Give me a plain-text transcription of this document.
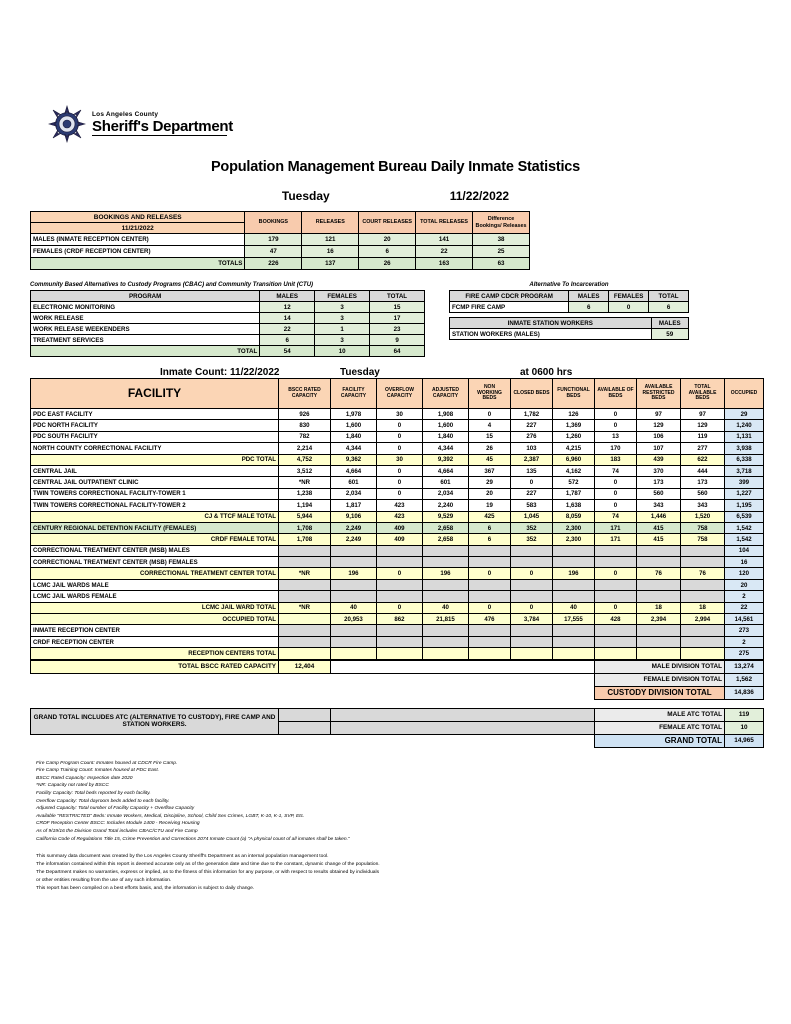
Los Angeles County
Sheriff's Department
Population Management Bureau Daily Inmate Statistics
Tuesday	11/22/2022
BOOKINGS AND RELEASES	BOOKINGS	RELEASES	COURT RELEASES	TOTAL RELEASES	Difference Bookings/ Releases
11/21/2022					
MALES (INMATE RECEPTION CENTER)	179	121	20	141	38
FEMALES (CRDF RECEPTION CENTER)	47	16	6	22	25
TOTALS	226	137	26	163	63
Community Based Alternatives to Custody Programs (CBAC) and Community Transition Unit (CTU)
PROGRAM	MALES	FEMALES	TOTAL
ELECTRONIC MONITORING	12	3	15
WORK RELEASE	14	3	17
WORK RELEASE WEEKENDERS	22	1	23
TREATMENT SERVICES	6	3	9
TOTAL	54	10	64
Alternative To Incarceration
FIRE CAMP CDCR PROGRAM	MALES	FEMALES	TOTAL
FCMP FIRE CAMP	6	0	6
INMATE STATION WORKERS	MALES
STATION WORKERS (MALES)	59
Inmate Count: 11/22/2022	Tuesday	at 0600 hrs
FACILITY	BSCC RATED CAPACITY	FACILITY CAPACITY	OVERFLOW CAPACITY	ADJUSTED CAPACITY	NON WORKING BEDS	CLOSED BEDS	FUNCTIONAL BEDS	AVAILABLE OF BEDS	AVAILABLE RESTRICTED BEDS	TOTAL AVAILABLE BEDS	OCCUPIED
PDC EAST FACILITY	926	1,978	30	1,908	0	1,782	126	0	97	97	29
PDC NORTH FACILITY	830	1,600	0	1,600	4	227	1,369	0	129	129	1,240
PDC SOUTH FACILITY	782	1,840	0	1,840	15	276	1,260	13	106	119	1,131
NORTH COUNTY CORRECTIONAL FACILITY	2,214	4,344	0	4,344	26	103	4,215	170	107	277	3,938
PDC TOTAL	4,752	9,362	30	9,392	45	2,387	6,960	183	439	622	6,338
CENTRAL JAIL	3,512	4,664	0	4,664	367	135	4,162	74	370	444	3,718
CENTRAL JAIL OUTPATIENT CLINIC	*NR	601	0	601	29	0	572	0	173	173	399
TWIN TOWERS CORRECTIONAL FACILITY-TOWER 1	1,238	2,034	0	2,034	20	227	1,787	0	560	560	1,227
TWIN TOWERS CORRECTIONAL FACILITY-TOWER 2	1,194	1,817	423	2,240	19	583	1,638	0	343	343	1,195
CJ & TTCF MALE TOTAL	5,944	9,106	423	9,529	425	1,045	8,059	74	1,446	1,520	6,539
CENTURY REGIONAL DETENTION FACILITY (FEMALES)	1,708	2,249	409	2,658	6	352	2,300	171	415	758	1,542
CRDF FEMALE TOTAL	1,708	2,249	409	2,658	6	352	2,300	171	415	758	1,542
CORRECTIONAL TREATMENT CENTER (MSB) MALES											104
CORRECTIONAL TREATMENT CENTER (MSB) FEMALES											16
CORRECTIONAL TREATMENT CENTER TOTAL	*NR	196	0	196	0	0	196	0	76	76	120
LCMC JAIL WARDS MALE											20
LCMC JAIL WARDS FEMALE											2
LCMC JAIL WARD TOTAL	*NR	40	0	40	0	0	40	0	18	18	22
OCCUPIED TOTAL		20,953	862	21,815	476	3,784	17,555	428	2,394	2,994	14,561
INMATE RECEPTION CENTER											273
CRDF RECEPTION CENTER											2
RECEPTION CENTERS TOTAL											275
TOTAL BSCC RATED CAPACITY	12,404		MALE DIVISION TOTAL	13,274
			FEMALE DIVISION TOTAL	1,562
			CUSTODY DIVISION TOTAL	14,836
GRAND TOTAL INCLUDES ATC (ALTERNATIVE TO CUSTODY), FIRE CAMP AND STATION WORKERS.			MALE ATC TOTAL	119
			FEMALE ATC TOTAL	10
			GRAND TOTAL	14,965
Fire Camp Program Count: Inmates housed at CDCR Fire Camp.
Fire Camp Training Count: Inmates housed at PDC East.
BSCC Rated Capacity: Inspection date 2020
*NR: Capacity not rated by BSCC
Facility Capacity: Total beds reported by each facility.
Overflow Capacity: Total dayroom beds added to each facility.
Adjusted Capacity: Total number of Facility Capacity + Overflow Capacity
Available "RESTRICTED" Beds: Inmate Workers, Medical, Discipline, School, Child Sex Crimes, LGBT, K-10, K-1, SVP, Etc.
CRDF Reception Center BSCC: Includes Module 1400 - Receiving Housing
As of 9/19/16 the Division Grand Total includes CBAC/CTU and Fire Camp
California Code of Regulations Title 15, Crime Prevention and Corrections 2074 Inmate Count (a) "A physical count of all inmates shall be taken."
This summary data document was created by the Los Angeles County Sheriff's Department as an internal population management tool.
The information contained within this report is deemed accurate only as of the generation date and time due to the constant, dynamic change of the population.
The Department makes no warranties, express or implied, as to the fitness of this information for any purpose, or with respect to results obtained by individuals
or other entities resulting from the use of any such information.
This report has been compiled on a best efforts basis, and, the information is subject to daily change.
